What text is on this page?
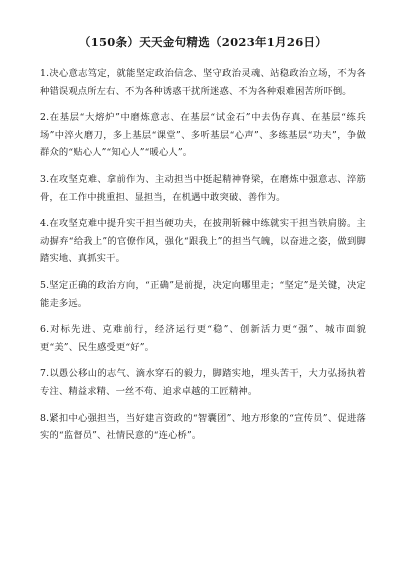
（150条）天天金句精选（2023年1月26日）
1.决心意志笃定，就能坚定政治信念、坚守政治灵魂、站稳政治立场，不为各种错误观点所左右、不为各种诱惑干扰所迷惑、不为各种艰难困苦所吓倒。
2.在基层“大熔炉”中磨炼意志、在基层“试金石”中去伪存真、在基层“练兵场”中淬火磨刀，多上基层“课堂”、多听基层“心声”、多练基层“功夫”，争做群众的“贴心人”“知心人”“暖心人”。
3.在攻坚克难、拿前作为、主动担当中挺起精神脊梁，在磨炼中强意志、淬筋骨，在工作中挑重担、显担当，在机遇中敢突破、善作为。
4.在攻坚克难中提升实干担当硬功夫，在披荆斩棘中练就实干担当铁肩膀。主动摒弃“给我上”的官僚作风，强化“跟我上”的担当气魄，以奋进之姿，做到脚踏实地、真抓实干。
5.坚定正确的政治方向，“正确”是前提，决定向哪里走；“坚定”是关键，决定能走多远。
6.对标先进、克难前行，经济运行更“稳”、创新活力更“强”、城市面貌更“美”、民生感受更“好”。
7.以愚公移山的志气、滴水穿石的毅力，脚踏实地，埋头苦干，大力弘扬执着专注、精益求精、一丝不苟、追求卓越的工匠精神。
8.紧扣中心强担当，当好建言资政的“智囊团”、地方形象的“宣传员”、促进落实的“监督员”、社情民意的“连心桥”。
